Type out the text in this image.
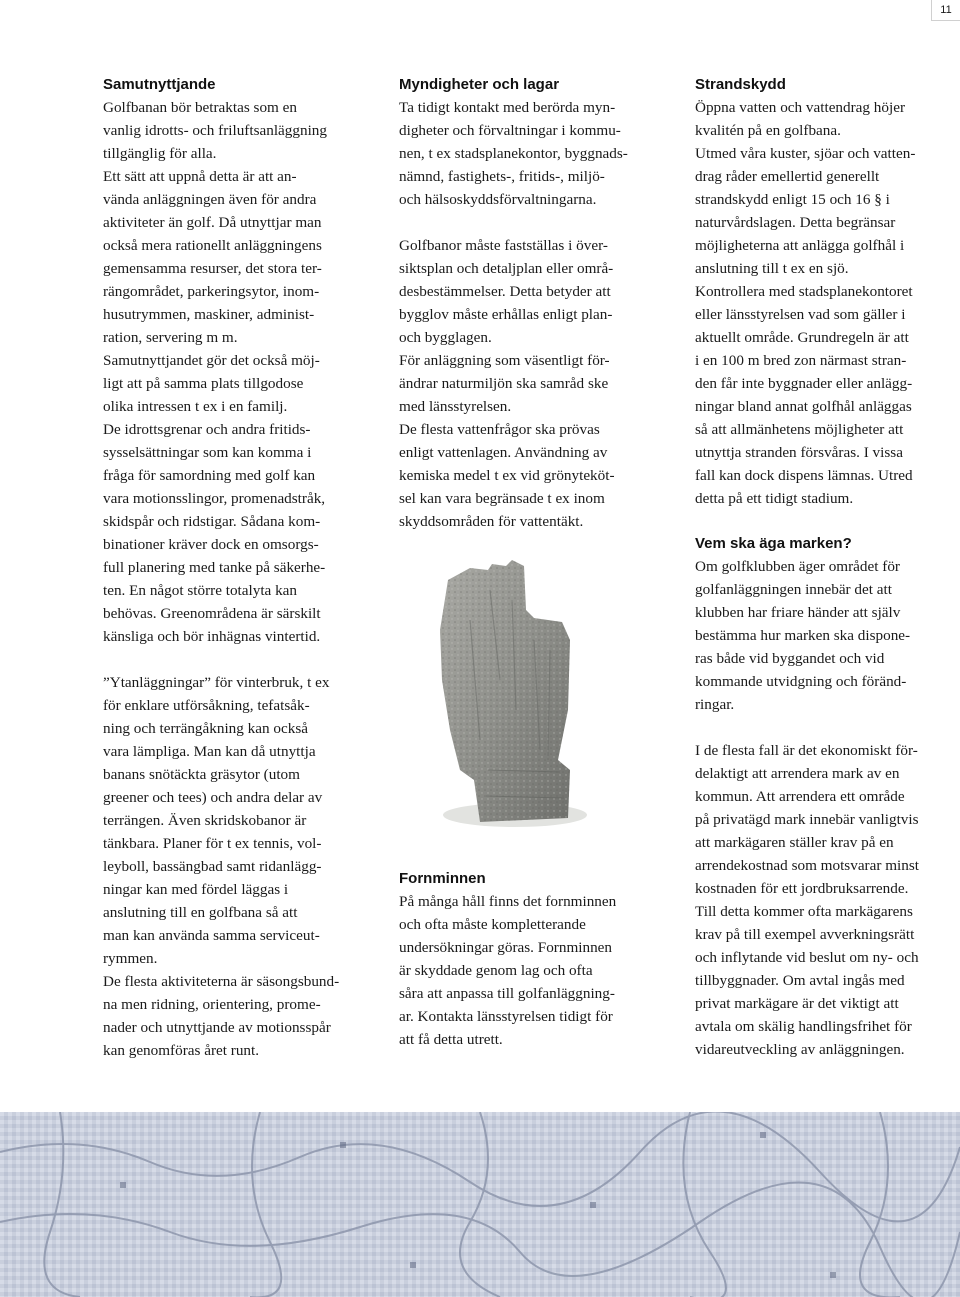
11
Samutnyttjande
Golfbanan bör betraktas som en
vanlig idrotts- och friluftsanläggning
tillgänglig för alla.
Ett sätt att uppnå detta är att an-
vända anläggningen även för andra
aktiviteter än golf. Då utnyttjar man
också mera rationellt anläggningens
gemensamma resurser, det stora ter-
rängområdet, parkeringsytor, inom-
husutrymmen, maskiner, administ-
ration, servering m m.
Samutnyttjandet gör det också möj-
ligt att på samma plats tillgodose
olika intressen t ex i en familj.
De idrottsgrenar och andra fritids-
sysselsättningar som kan komma i
fråga för samordning med golf kan
vara motionsslingor, promenadstråk,
skidspår och ridstigar. Sådana kom-
binationer kräver dock en omsorgs-
full planering med tanke på säkerhe-
ten. En något större totalyta kan
behövas. Greenområdena är särskilt
känsliga och bör inhägnas vintertid.
”Ytanläggningar” för vinterbruk, t ex
för enklare utförsåkning, tefatsåk-
ning och terrängåkning kan också
vara lämpliga. Man kan då utnyttja
banans snötäckta gräsytor (utom
greener och tees) och andra delar av
terrängen. Även skridskobanor är
tänkbara. Planer för t ex tennis, vol-
leyboll, bassängbad samt ridanlägg-
ningar kan med fördel läggas i
anslutning till en golfbana så att
man kan använda samma serviceut-
rymmen.
De flesta aktiviteterna är säsongsbund-
na men ridning, orientering, prome-
nader och utnyttjande av motionsspår
kan genomföras året runt.
Myndigheter och lagar
Ta tidigt kontakt med berörda myn-
digheter och förvaltningar i kommu-
nen, t ex stadsplanekontor, byggnads-
nämnd, fastighets-, fritids-, miljö-
och hälsoskyddsförvaltningarna.
Golfbanor måste fastställas i över-
siktsplan och detaljplan eller områ-
desbestämmelser. Detta betyder att
bygglov måste erhållas enligt plan-
och bygglagen.
För anläggning som väsentligt för-
ändrar naturmiljön ska samråd ske
med länsstyrelsen.
De flesta vattenfrågor ska prövas
enligt vattenlagen. Användning av
kemiska medel t ex vid grönyteköt-
sel kan vara begränsade t ex inom
skyddsområden för vattentäkt.
Fornminnen
På många håll finns det fornminnen
och ofta måste kompletterande
undersökningar göras. Fornminnen
är skyddade genom lag och ofta
såra att anpassa till golfanläggning-
ar. Kontakta länsstyrelsen tidigt för
att få detta utrett.
Strandskydd
Öppna vatten och vattendrag höjer
kvalitén på en golfbana.
Utmed våra kuster, sjöar och vatten-
drag råder emellertid generellt
strandskydd enligt 15 och 16 § i
naturvårdslagen. Detta begränsar
möjligheterna att anlägga golfhål i
anslutning till t ex en sjö.
Kontrollera med stadsplanekontoret
eller länsstyrelsen vad som gäller i
aktuellt område. Grundregeln är att
i en 100 m bred zon närmast stran-
den får inte byggnader eller anlägg-
ningar bland annat golfhål anläggas
så att allmänhetens möjligheter att
utnyttja stranden försvåras. I vissa
fall kan dock dispens lämnas. Utred
detta på ett tidigt stadium.
Vem ska äga marken?
Om golfklubben äger området för
golfanläggningen innebär det att
klubben har friare händer att själv
bestämma hur marken ska dispone-
ras både vid byggandet och vid
kommande utvidgning och föränd-
ringar.
I de flesta fall är det ekonomiskt för-
delaktigt att arrendera mark av en
kommun. Att arrendera ett område
på privatägd mark innebär vanligtvis
att markägaren ställer krav på en
arrendekostnad som motsvarar minst
kostnaden för ett jordbruksarrende.
Till detta kommer ofta markägarens
krav på till exempel avverkningsrätt
och inflytande vid beslut om ny- och
tillbyggnader. Om avtal ingås med
privat markägare är det viktigt att
avtala om skälig handlingsfrihet för
vidareutveckling av anläggningen.
